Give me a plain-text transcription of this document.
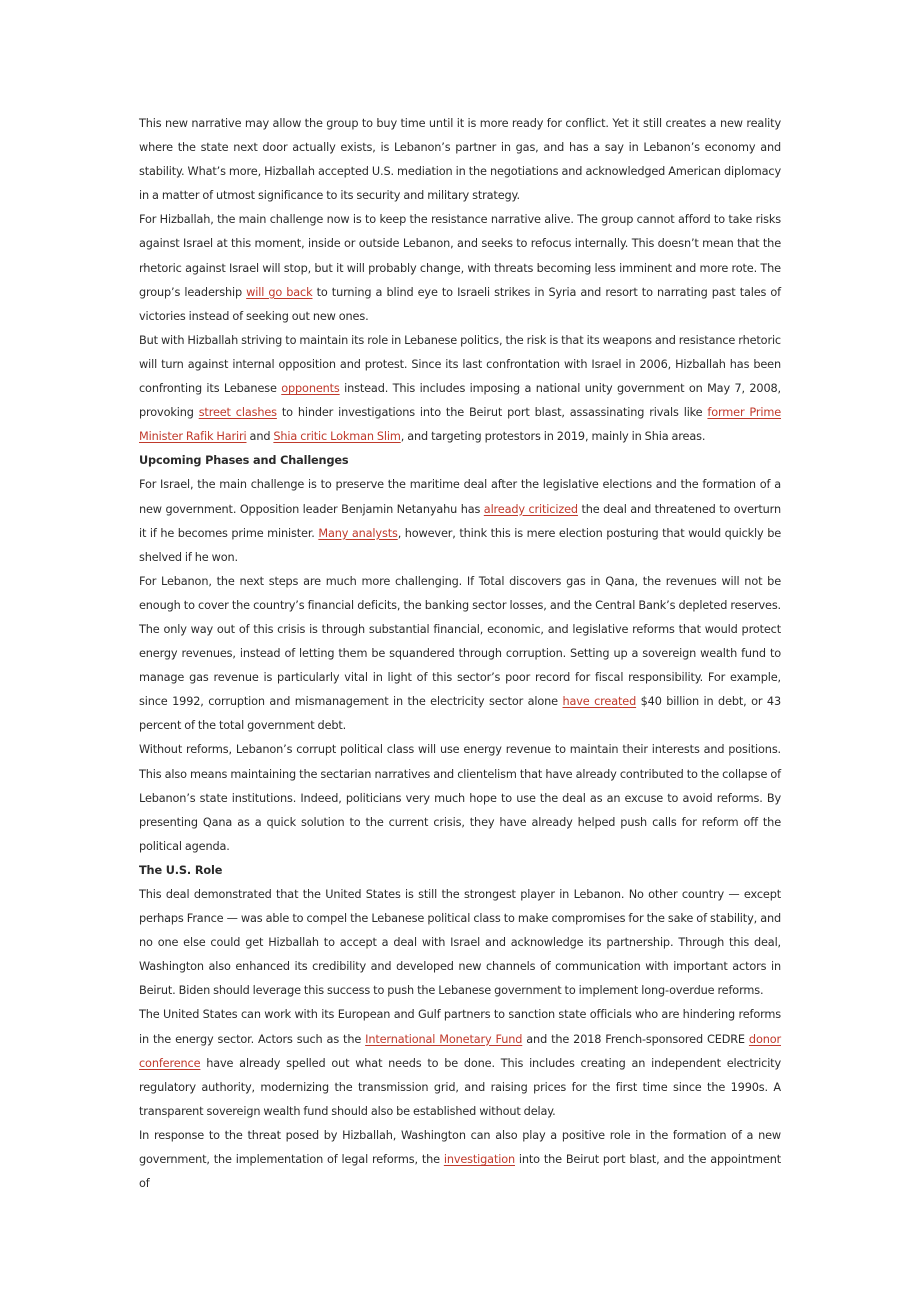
This new narrative may allow the group to buy time until it is more ready for conflict. Yet it still creates a new reality where the state next door actually exists, is Lebanon’s partner in gas, and has a say in Lebanon’s economy and stability. What’s more, Hizballah accepted U.S. mediation in the negotiations and acknowledged American diplomacy in a matter of utmost significance to its security and military strategy.

For Hizballah, the main challenge now is to keep the resistance narrative alive. The group cannot afford to take risks against Israel at this moment, inside or outside Lebanon, and seeks to refocus internally. This doesn’t mean that the rhetoric against Israel will stop, but it will probably change, with threats becoming less imminent and more rote. The group’s leadership will go back to turning a blind eye to Israeli strikes in Syria and resort to narrating past tales of victories instead of seeking out new ones.

But with Hizballah striving to maintain its role in Lebanese politics, the risk is that its weapons and resistance rhetoric will turn against internal opposition and protest. Since its last confrontation with Israel in 2006, Hizballah has been confronting its Lebanese opponents instead. This includes imposing a national unity government on May 7, 2008, provoking street clashes to hinder investigations into the Beirut port blast, assassinating rivals like former Prime Minister Rafik Hariri and Shia critic Lokman Slim, and targeting protestors in 2019, mainly in Shia areas.

Upcoming Phases and Challenges

For Israel, the main challenge is to preserve the maritime deal after the legislative elections and the formation of a new government. Opposition leader Benjamin Netanyahu has already criticized the deal and threatened to overturn it if he becomes prime minister. Many analysts, however, think this is mere election posturing that would quickly be shelved if he won.

For Lebanon, the next steps are much more challenging. If Total discovers gas in Qana, the revenues will not be enough to cover the country’s financial deficits, the banking sector losses, and the Central Bank’s depleted reserves. The only way out of this crisis is through substantial financial, economic, and legislative reforms that would protect energy revenues, instead of letting them be squandered through corruption. Setting up a sovereign wealth fund to manage gas revenue is particularly vital in light of this sector’s poor record for fiscal responsibility. For example, since 1992, corruption and mismanagement in the electricity sector alone have created $40 billion in debt, or 43 percent of the total government debt.

Without reforms, Lebanon’s corrupt political class will use energy revenue to maintain their interests and positions. This also means maintaining the sectarian narratives and clientelism that have already contributed to the collapse of Lebanon’s state institutions. Indeed, politicians very much hope to use the deal as an excuse to avoid reforms. By presenting Qana as a quick solution to the current crisis, they have already helped push calls for reform off the political agenda.

The U.S. Role

This deal demonstrated that the United States is still the strongest player in Lebanon. No other country — except perhaps France — was able to compel the Lebanese political class to make compromises for the sake of stability, and no one else could get Hizballah to accept a deal with Israel and acknowledge its partnership. Through this deal, Washington also enhanced its credibility and developed new channels of communication with important actors in Beirut. Biden should leverage this success to push the Lebanese government to implement long-overdue reforms.

The United States can work with its European and Gulf partners to sanction state officials who are hindering reforms in the energy sector. Actors such as the International Monetary Fund and the 2018 French-sponsored CEDRE donor conference have already spelled out what needs to be done. This includes creating an independent electricity regulatory authority, modernizing the transmission grid, and raising prices for the first time since the 1990s. A transparent sovereign wealth fund should also be established without delay.

In response to the threat posed by Hizballah, Washington can also play a positive role in the formation of a new government, the implementation of legal reforms, the investigation into the Beirut port blast, and the appointment of
